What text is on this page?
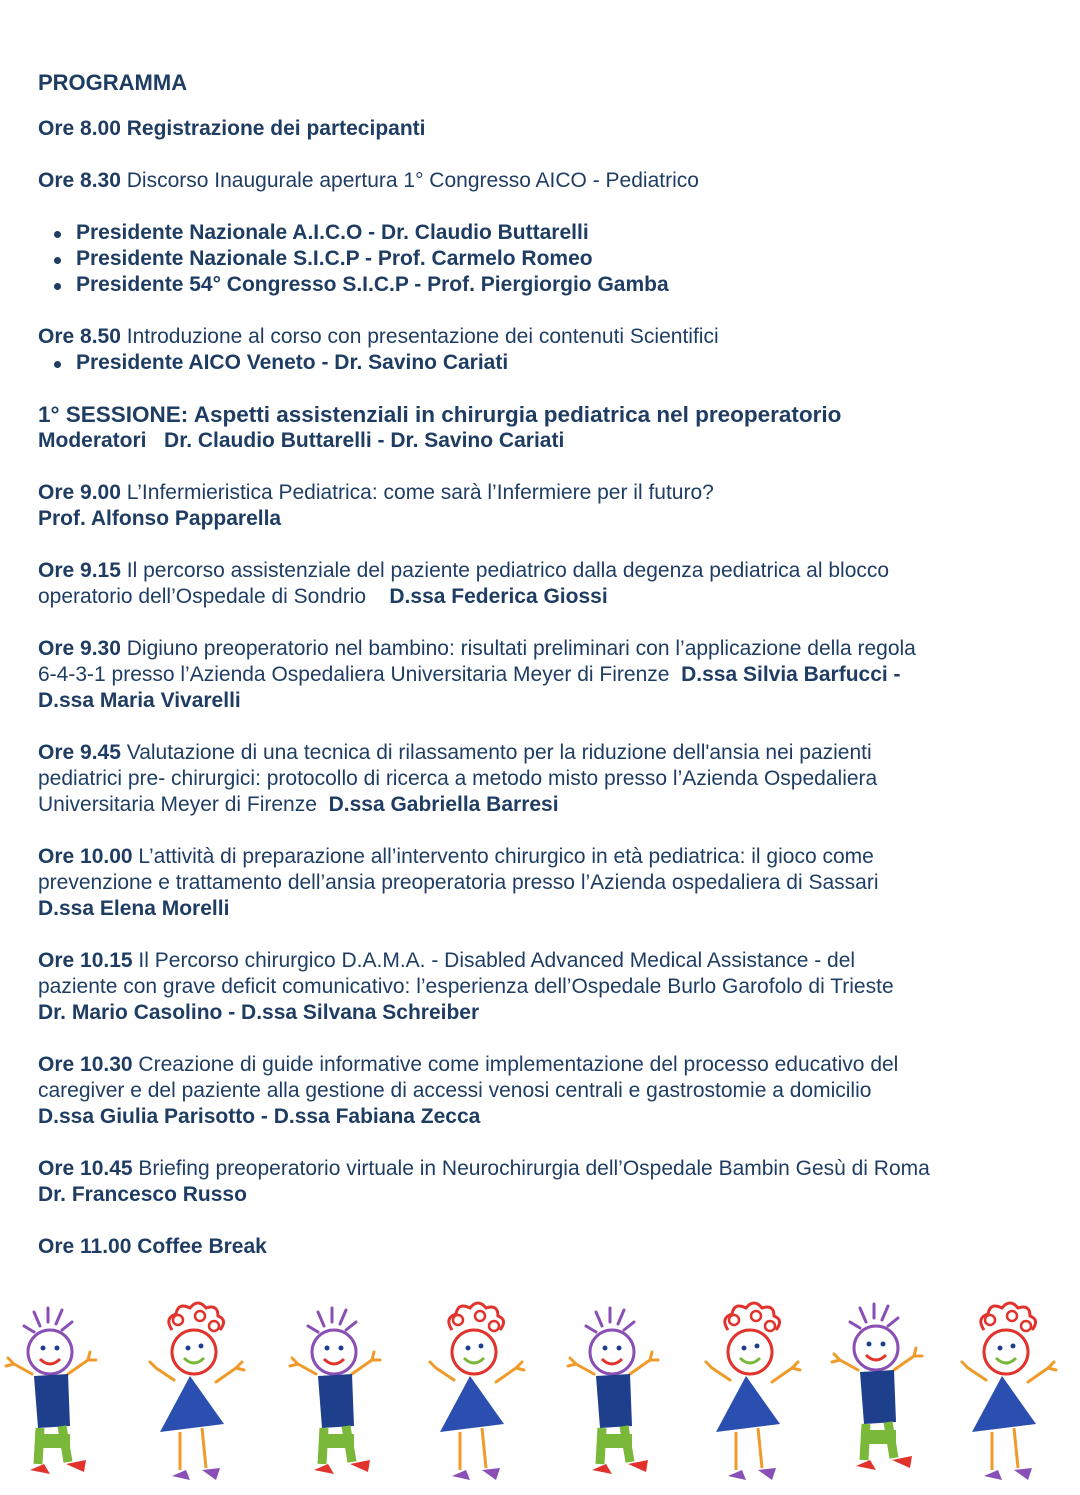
PROGRAMMA

Ore 8.00 Registrazione dei partecipanti

Ore 8.30 Discorso Inaugurale apertura 1° Congresso AICO - Pediatrico

Presidente Nazionale A.I.C.O - Dr. Claudio Buttarelli
Presidente Nazionale S.I.C.P - Prof. Carmelo Romeo
Presidente 54° Congresso S.I.C.P - Prof. Piergiorgio Gamba

Ore 8.50 Introduzione al corso con presentazione dei contenuti Scientifici

Presidente AICO Veneto - Dr. Savino Cariati

1° SESSIONE: Aspetti assistenziali in chirurgia pediatrica nel preoperatorio

Moderatori Dr. Claudio Buttarelli - Dr. Savino Cariati

Ore 9.00 L’Infermieristica Pediatrica: come sarà l’Infermiere per il futuro?

Prof. Alfonso Papparella

Ore 9.15 Il percorso assistenziale del paziente pediatrico dalla degenza pediatrica al blocco

operatorio dell’Ospedale di Sondrio D.ssa Federica Giossi

Ore 9.30 Digiuno preoperatorio nel bambino: risultati preliminari con l’applicazione della regola

6-4-3-1 presso l’Azienda Ospedaliera Universitaria Meyer di Firenze D.ssa Silvia Barfucci -

D.ssa Maria Vivarelli

Ore 9.45 Valutazione di una tecnica di rilassamento per la riduzione dell'ansia nei pazienti

pediatrici pre- chirurgici: protocollo di ricerca a metodo misto presso l’Azienda Ospedaliera

Universitaria Meyer di Firenze D.ssa Gabriella Barresi

Ore 10.00 L’attività di preparazione all’intervento chirurgico in età pediatrica: il gioco come

prevenzione e trattamento dell’ansia preoperatoria presso l’Azienda ospedaliera di Sassari

D.ssa Elena Morelli

Ore 10.15 Il Percorso chirurgico D.A.M.A. - Disabled Advanced Medical Assistance - del

paziente con grave deficit comunicativo: l’esperienza dell’Ospedale Burlo Garofolo di Trieste

Dr. Mario Casolino - D.ssa Silvana Schreiber

Ore 10.30 Creazione di guide informative come implementazione del processo educativo del

caregiver e del paziente alla gestione di accessi venosi centrali e gastrostomie a domicilio

D.ssa Giulia Parisotto - D.ssa Fabiana Zecca

Ore 10.45 Briefing preoperatorio virtuale in Neurochirurgia dell’Ospedale Bambin Gesù di Roma

Dr. Francesco Russo

Ore 11.00 Coffee Break
